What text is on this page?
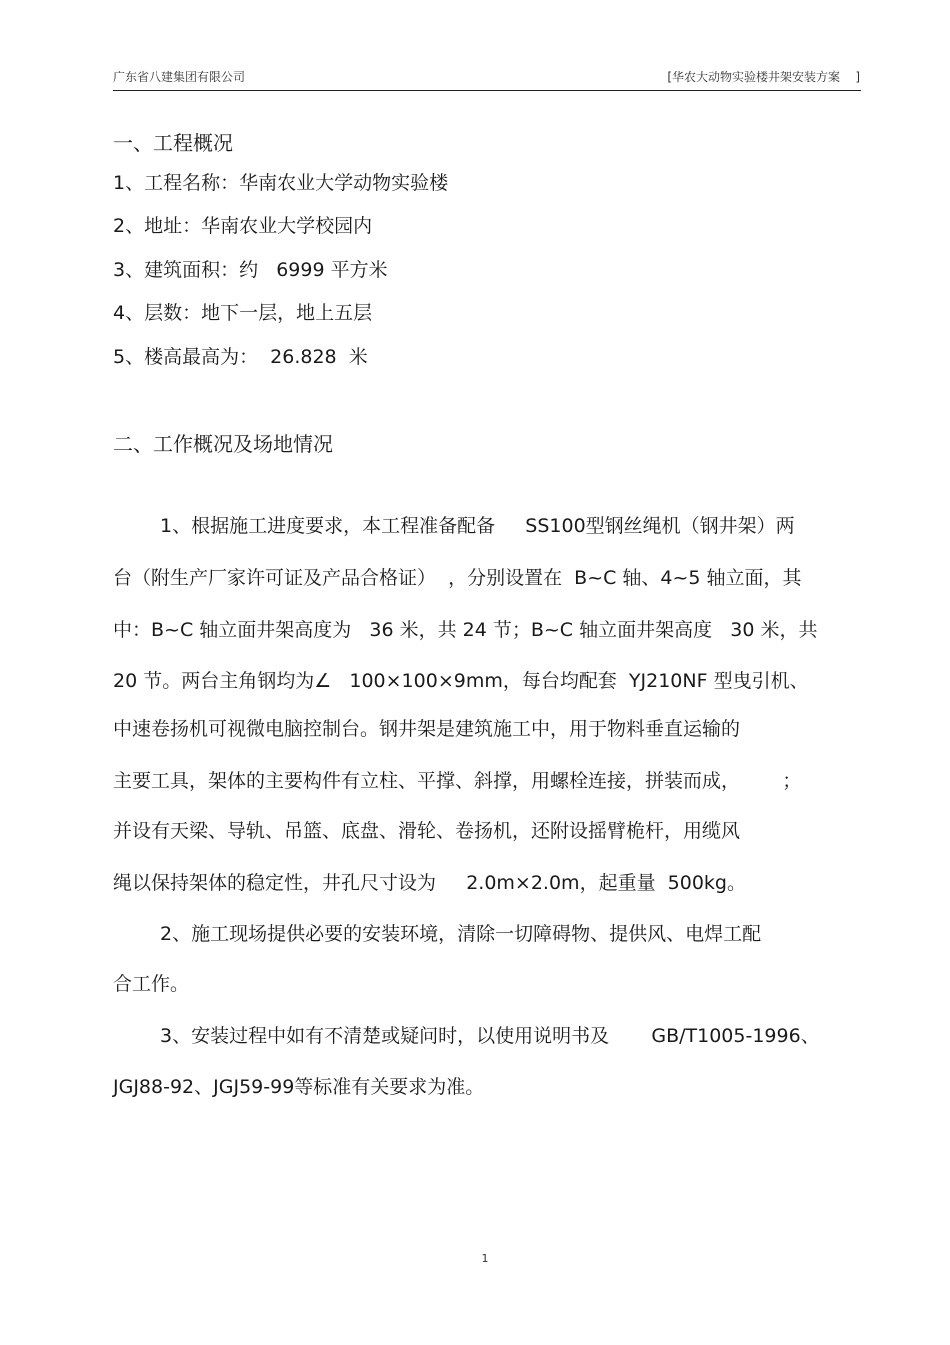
广东省八建集团有限公司	[华农大动物实验楼井架安装方案    ]
一、工程概况
1、工程名称：华南农业大学动物实验楼
2、地址：华南农业大学校园内
3、建筑面积：约   6999 平方米
4、层数：地下一层，地上五层
5、楼高最高为：  26.828  米
二、工作概况及场地情况
1、根据施工进度要求，本工程准备配备     SS100型钢丝绳机（钢井架）两
台（附生产厂家许可证及产品合格证）  ，分别设置在  B~C 轴、4~5 轴立面，其
中：B~C 轴立面井架高度为   36 米，共 24 节；B~C 轴立面井架高度   30 米，共
20 节。两台主角钢均为∠   100×100×9mm，每台均配套  YJ210NF 型曳引机、
中速卷扬机可视微电脑控制台。钢井架是建筑施工中，用于物料垂直运输的
主要工具，架体的主要构件有立柱、平撑、斜撑，用螺栓连接，拼装而成，       ；
并设有天梁、导轨、吊篮、底盘、滑轮、卷扬机，还附设摇臂桅杆，用缆风
绳以保持架体的稳定性，井孔尺寸设为     2.0m×2.0m，起重量  500kg。
2、施工现场提供必要的安装环境，清除一切障碍物、提供风、电焊工配
合工作。
3、安装过程中如有不清楚或疑问时，以使用说明书及       GB/T1005-1996、
JGJ88-92、JGJ59-99等标准有关要求为准。
1
